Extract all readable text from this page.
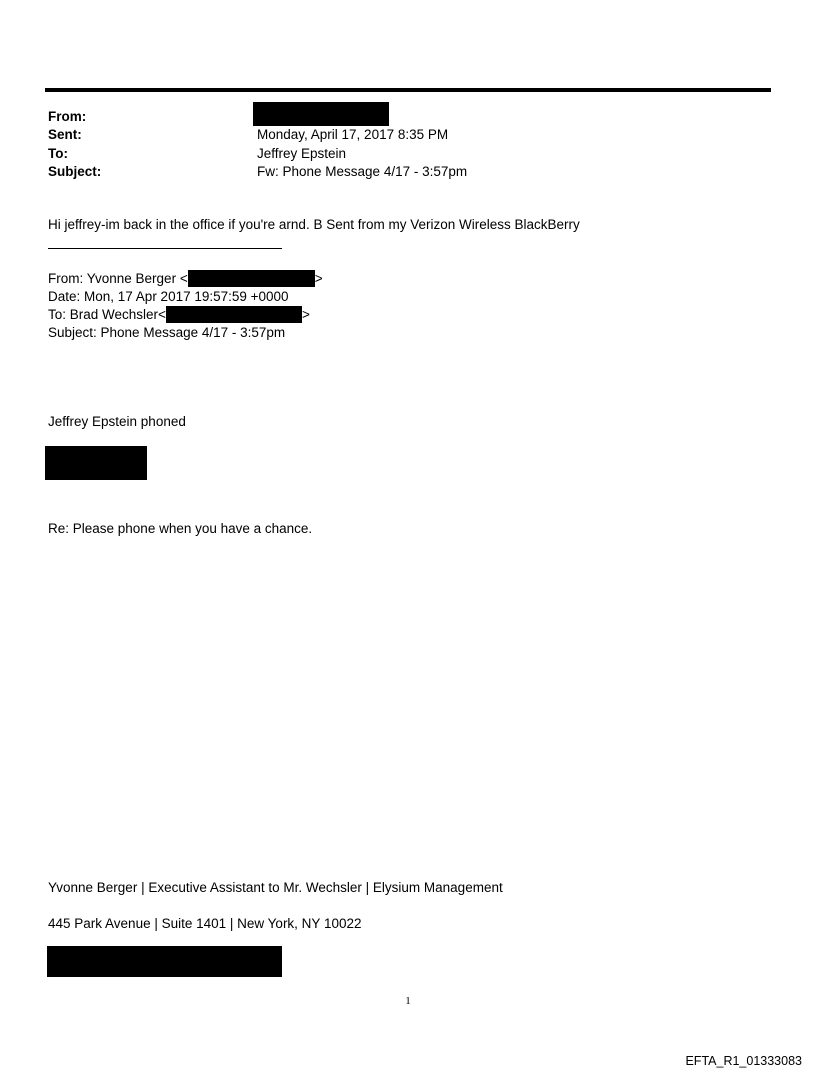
From:
Sent:	Monday, April 17, 2017 8:35 PM
To:	Jeffrey Epstein
Subject:	Fw: Phone Message 4/17 - 3:57pm
Hi jeffrey-im back in the office if you're arnd. B Sent from my Verizon Wireless BlackBerry
From: Yvonne Berger <	>
Date: Mon, 17 Apr 2017 19:57:59 +0000
To: Brad Wechsler<	>
Subject: Phone Message 4/17 - 3:57pm
Jeffrey Epstein phoned
Re: Please phone when you have a chance.
Yvonne Berger | Executive Assistant to Mr. Wechsler | Elysium Management
445 Park Avenue | Suite 1401 | New York, NY 10022
1
EFTA_R1_01333083
